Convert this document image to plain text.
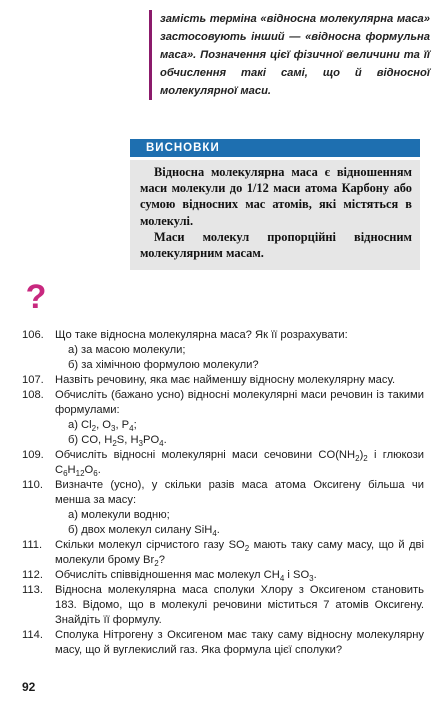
замість терміна «відносна молекулярна маса» застосовують інший — «відносна формульна маса». Позначення цієї фізичної величини та її обчислення такі самі, що й відносної молекулярної маси.
ВИСНОВКИ

Відносна молекулярна маса є відношенням маси молекули до 1/12 маси атома Карбону або сумою відносних мас атомів, які містяться в молекулі.

Маси молекул пропорційні відносним молекулярним масам.

?
106. Що таке відносна молекулярна маса? Як її розрахувати:
а) за масою молекули;
б) за хімічною формулою молекули?
107. Назвіть речовину, яка має найменшу відносну молекулярну масу.
108. Обчисліть (бажано усно) відносні молекулярні маси речовин із такими формулами:
а) $Cl_2$, $O_3$, $P_4$;
б) CO, $H_2S$, $H_3PO_4$.
109. Обчисліть відносні молекулярні маси сечовини $CO(NH_2)_2$ і глюкози $C_6H_{12}O_6$.
110. Визначте (усно), у скільки разів маса атома Оксигену більша чи менша за масу:
а) молекули водню;
б) двох молекул силану SiH$_4$.
111. Скільки молекул сірчистого газу $SO_2$ мають таку саму масу, що й дві молекули брому $Br_2$?
112. Обчисліть співвідношення мас молекул $CH_4$ і $SO_3$.
113. Відносна молекулярна маса сполуки Хлору з Оксигеном становить 183. Відомо, що в молекулі речовини міститься 7 атомів Оксигену. Знайдіть її формулу.
114. Сполука Нітрогену з Оксигеном має таку саму відносну молекулярну масу, що й вуглекислий газ. Яка формула цієї сполуки?
92
